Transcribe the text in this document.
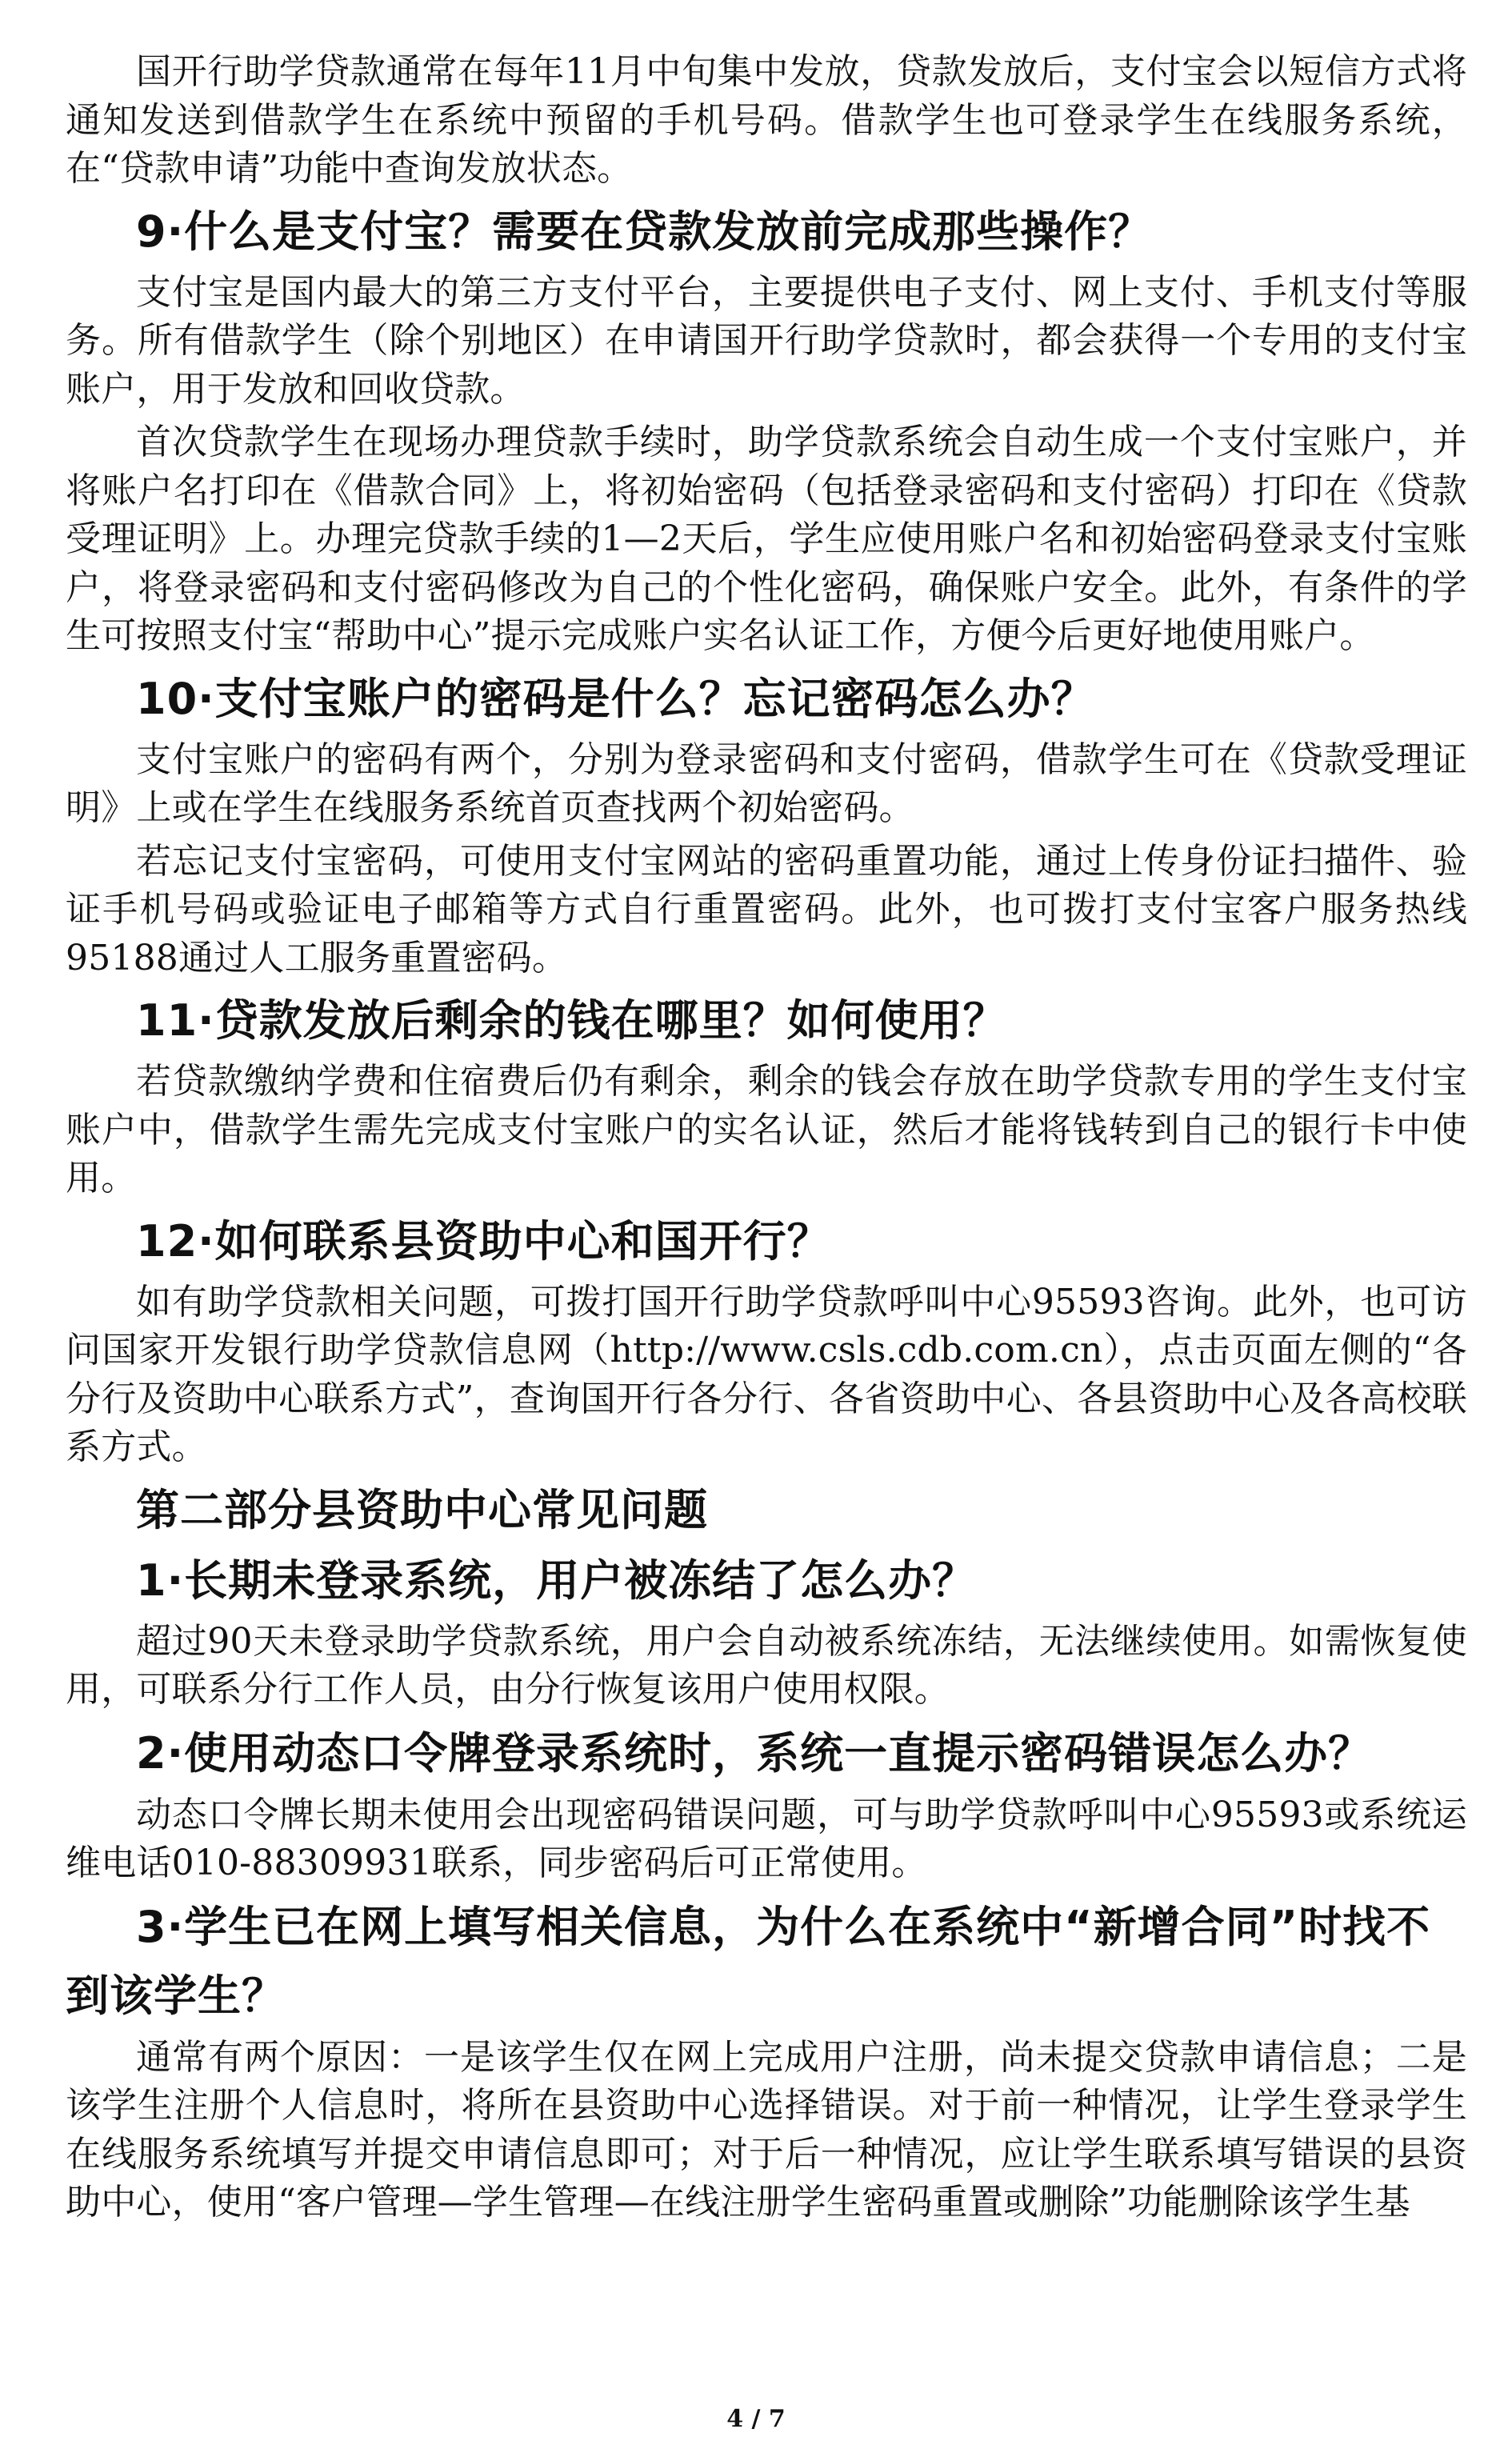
国开行助学贷款通常在每年11月中旬集中发放，贷款发放后，支付宝会以短信方式将通知发送到借款学生在系统中预留的手机号码。借款学生也可登录学生在线服务系统，在“贷款申请”功能中查询发放状态。

9·什么是支付宝？需要在贷款发放前完成那些操作？

支付宝是国内最大的第三方支付平台，主要提供电子支付、网上支付、手机支付等服务。所有借款学生（除个别地区）在申请国开行助学贷款时，都会获得一个专用的支付宝账户，用于发放和回收贷款。

首次贷款学生在现场办理贷款手续时，助学贷款系统会自动生成一个支付宝账户，并将账户名打印在《借款合同》上，将初始密码（包括登录密码和支付密码）打印在《贷款受理证明》上。办理完贷款手续的1—2天后，学生应使用账户名和初始密码登录支付宝账户，将登录密码和支付密码修改为自己的个性化密码，确保账户安全。此外，有条件的学生可按照支付宝“帮助中心”提示完成账户实名认证工作，方便今后更好地使用账户。

10·支付宝账户的密码是什么？忘记密码怎么办？

支付宝账户的密码有两个，分别为登录密码和支付密码，借款学生可在《贷款受理证明》上或在学生在线服务系统首页查找两个初始密码。

若忘记支付宝密码，可使用支付宝网站的密码重置功能，通过上传身份证扫描件、验证手机号码或验证电子邮箱等方式自行重置密码。此外，也可拨打支付宝客户服务热线95188通过人工服务重置密码。

11·贷款发放后剩余的钱在哪里？如何使用？

若贷款缴纳学费和住宿费后仍有剩余，剩余的钱会存放在助学贷款专用的学生支付宝账户中，借款学生需先完成支付宝账户的实名认证，然后才能将钱转到自己的银行卡中使用。

12·如何联系县资助中心和国开行？

如有助学贷款相关问题，可拨打国开行助学贷款呼叫中心95593咨询。此外，也可访问国家开发银行助学贷款信息网（http://www.csls.cdb.com.cn），点击页面左侧的“各分行及资助中心联系方式”，查询国开行各分行、各省资助中心、各县资助中心及各高校联系方式。

第二部分县资助中心常见问题
1·长期未登录系统，用户被冻结了怎么办？

超过90天未登录助学贷款系统，用户会自动被系统冻结，无法继续使用。如需恢复使用，可联系分行工作人员，由分行恢复该用户使用权限。

2·使用动态口令牌登录系统时，系统一直提示密码错误怎么办？

动态口令牌长期未使用会出现密码错误问题，可与助学贷款呼叫中心95593或系统运维电话010-88309931联系，同步密码后可正常使用。

3·学生已在网上填写相关信息，为什么在系统中“新增合同”时找不到该学生？

通常有两个原因：一是该学生仅在网上完成用户注册，尚未提交贷款申请信息；二是该学生注册个人信息时，将所在县资助中心选择错误。对于前一种情况，让学生登录学生在线服务系统填写并提交申请信息即可；对于后一种情况，应让学生联系填写错误的县资助中心，使用“客户管理—学生管理—在线注册学生密码重置或删除”功能删除该学生基

4 / 7
